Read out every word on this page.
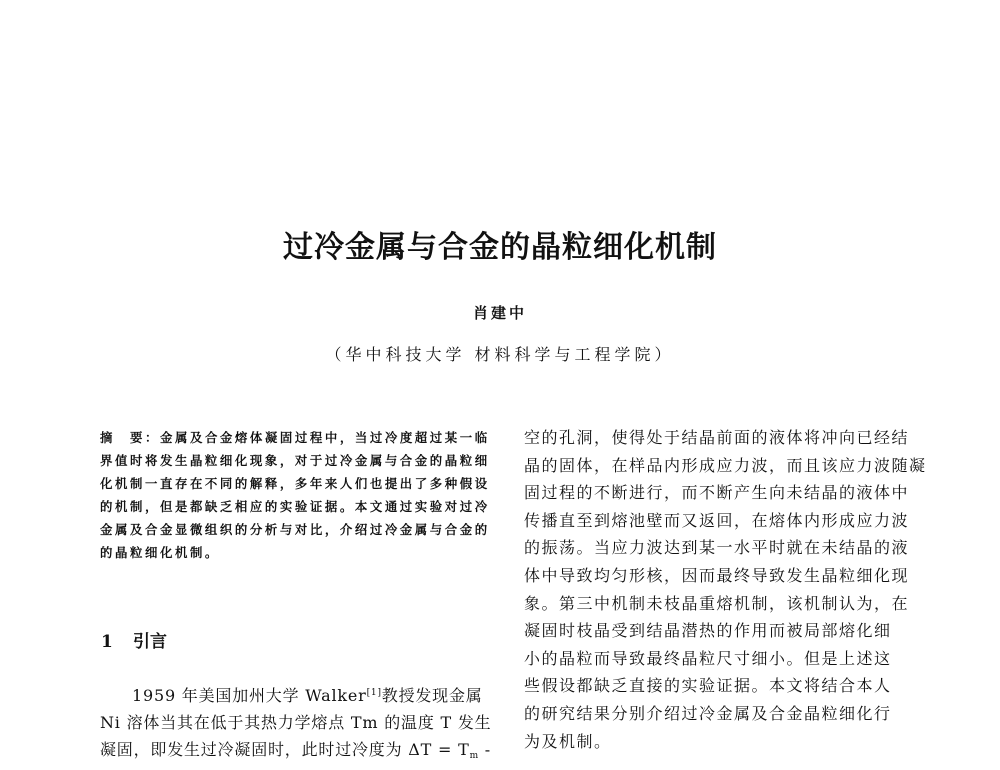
过冷金属与合金的晶粒细化机制
肖建中
（华中科技大学 材料科学与工程学院）
摘　要：金属及合金熔体凝固过程中，当过冷度超过某一临
界值时将发生晶粒细化现象，对于过冷金属与合金的晶粒细
化机制一直存在不同的解释，多年来人们也提出了多种假设
的机制，但是都缺乏相应的实验证据。本文通过实验对过冷
金属及合金显微组织的分析与对比，介绍过冷金属与合金的
的晶粒细化机制。
1 引言
1959 年美国加州大学 Walker[1]教授发现金属
Ni 溶体当其在低于其热力学熔点 Tm 的温度 T 发生
凝固，即发生过冷凝固时，此时过冷度为 $\Delta T = T_m$ -
空的孔洞，使得处于结晶前面的液体将冲向已经结
晶的固体，在样品内形成应力波，而且该应力波随凝
固过程的不断进行，而不断产生向未结晶的液体中
传播直至到熔池壁而又返回，在熔体内形成应力波
的振荡。当应力波达到某一水平时就在未结晶的液
体中导致均匀形核，因而最终导致发生晶粒细化现
象。第三中机制未枝晶重熔机制，该机制认为，在
凝固时枝晶受到结晶潜热的作用而被局部熔化细
小的晶粒而导致最终晶粒尺寸细小。但是上述这
些假设都缺乏直接的实验证据。本文将结合本人
的研究结果分别介绍过冷金属及合金晶粒细化行
为及机制。
